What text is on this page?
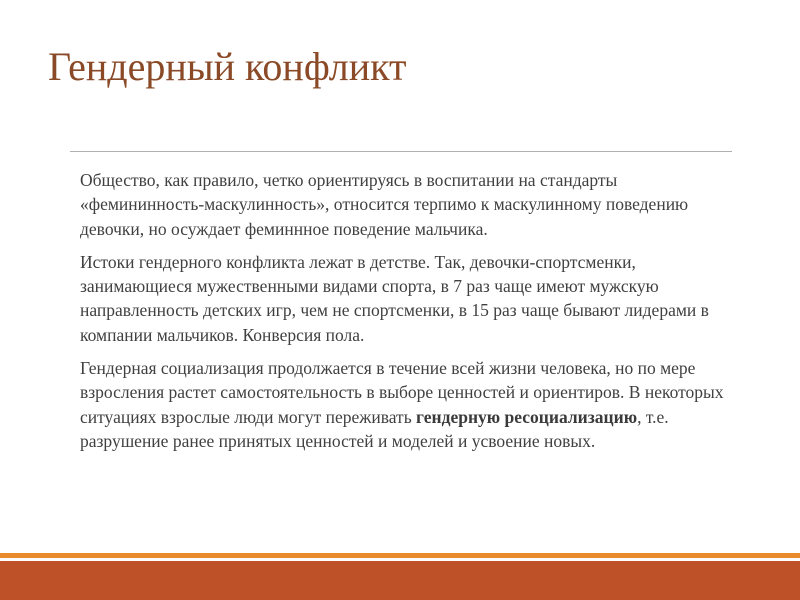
Гендерный конфликт

Общество, как правило, четко ориентируясь в воспитании на стандарты «фемининность-маскулинность», относится терпимо к маскулинному поведению девочки, но осуждает феминнное поведение мальчика.

Истоки гендерного конфликта лежат в детстве. Так, девочки-спортсменки, занимающиеся мужественными видами спорта, в 7 раз чаще имеют мужскую направленность детских игр, чем не спортсменки, в 15 раз чаще бывают лидерами в компании мальчиков. Конверсия пола.

Гендерная социализация продолжается в течение всей жизни человека, но по мере взросления растет самостоятельность в выборе ценностей и ориентиров. В некоторых ситуациях взрослые люди могут переживать гендерную ресоциализацию, т.е. разрушение ранее принятых ценностей и моделей и усвоение новых.
